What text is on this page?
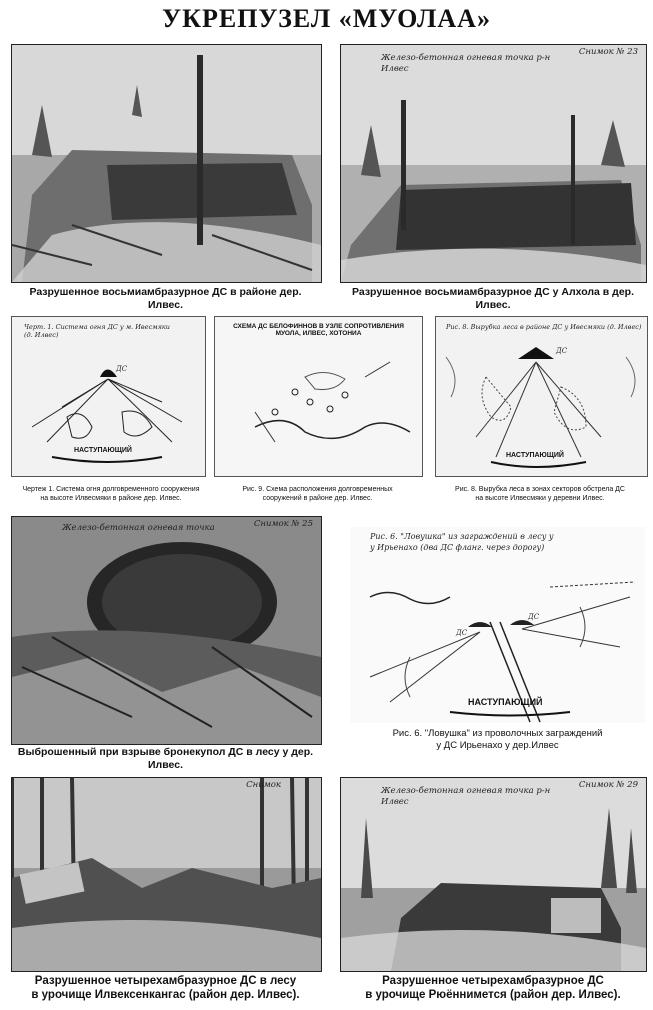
УКРЕПУЗЕЛ «МУОЛАА»
Разрушенное восьмиамбразурное ДС в районе дер. Илвес.
Железо-бетонная огневая точка р-н Илвес
Снимок № 23
Разрушенное восьмиамбразурное ДС у Алхола в дер. Илвес.
Черт. 1. Система огня ДС у м. Ивесмяки (д. Илвес)
ДС
НАСТУПАЮЩИЙ
Чертеж 1. Система огня долговременного сооружения
на высоте Илвесмяки в районе дер. Илвес.
СХЕМА ДС БЕЛОФИННОВ В УЗЛЕ СОПРОТИВЛЕНИЯ
МУОЛА, ИЛВЕС, ХОТОНИА
Рис. 9. Схема расположения долговременных
сооружений в районе дер. Илвес.
Рис. 8. Вырубка леса в районе ДС у Ивесмяки (д. Илвес)
ДС
НАСТУПАЮЩИЙ
Рис. 8. Вырубка леса в зонах секторов обстрела ДС
на высоте Илвесмяки у деревни Илвес.
Железо-бетонная огневая точка	Снимок № 25
Выброшенный при взрыве бронекупол ДС в лесу у дер. Илвес.
Рис. 6. "Ловушка" из заграждений в лесу у
у Ирьенахо (два ДС фланг. через дорогу)
ДС
ДС
НАСТУПАЮЩИЙ
Рис. 6. "Ловушка" из проволочных заграждений
у ДС Ирьенахо у дер.Илвес
Снимок
Разрушенное четырехамбразурное ДС в лесу
в урочище Илвексенкангас (район дер. Илвес).
Железо-бетонная огневая точка р-н Илвес
Снимок № 29
Разрушенное четырехамбразурное ДС
в урочище Рюённимется (район дер. Илвес).
